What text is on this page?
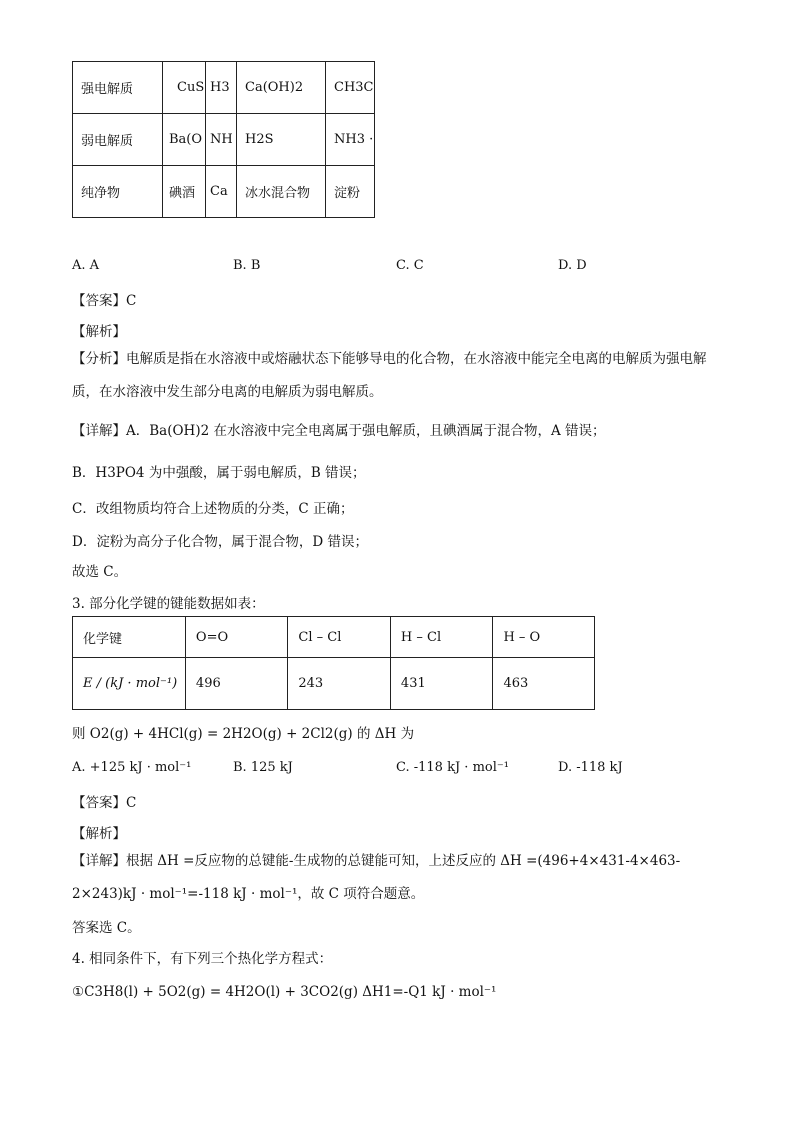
强电解质	CuS	H3	Ca(OH)2	CH3C
弱电解质	Ba(O	NH	H2S	NH3 ·
纯净物	碘酒	Ca	冰水混合物	淀粉
A. A	B. B	C. C	D. D
【答案】C
【解析】
【分析】电解质是指在水溶液中或熔融状态下能够导电的化合物，在水溶液中能完全电离的电解质为强电解质，在水溶液中发生部分电离的电解质为弱电解质。
【详解】A．Ba(OH)2 在水溶液中完全电离属于强电解质，且碘酒属于混合物，A 错误；
B．H3PO4 为中强酸，属于弱电解质，B 错误；
C．改组物质均符合上述物质的分类，C 正确；
D．淀粉为高分子化合物，属于混合物，D 错误；
故选 C。
3. 部分化学键的键能数据如表：
化学键	O=O	Cl – Cl	H – Cl	H – O
E / (kJ · mol⁻¹)	496	243	431	463
则 O2(g) + 4HCl(g) = 2H2O(g) + 2Cl2(g) 的 ΔH 为
A. +125 kJ · mol⁻¹	B. 125 kJ	C. -118 kJ · mol⁻¹	D. -118 kJ
【答案】C
【解析】
【详解】根据 ΔH =反应物的总键能-生成物的总键能可知，上述反应的 ΔH =(496+4×431-4×463-2×243)kJ · mol⁻¹=-118 kJ · mol⁻¹，故 C 项符合题意。
答案选 C。
4. 相同条件下，有下列三个热化学方程式：
①C3H8(l) + 5O2(g) = 4H2O(l) + 3CO2(g) ΔH1=-Q1 kJ · mol⁻¹
